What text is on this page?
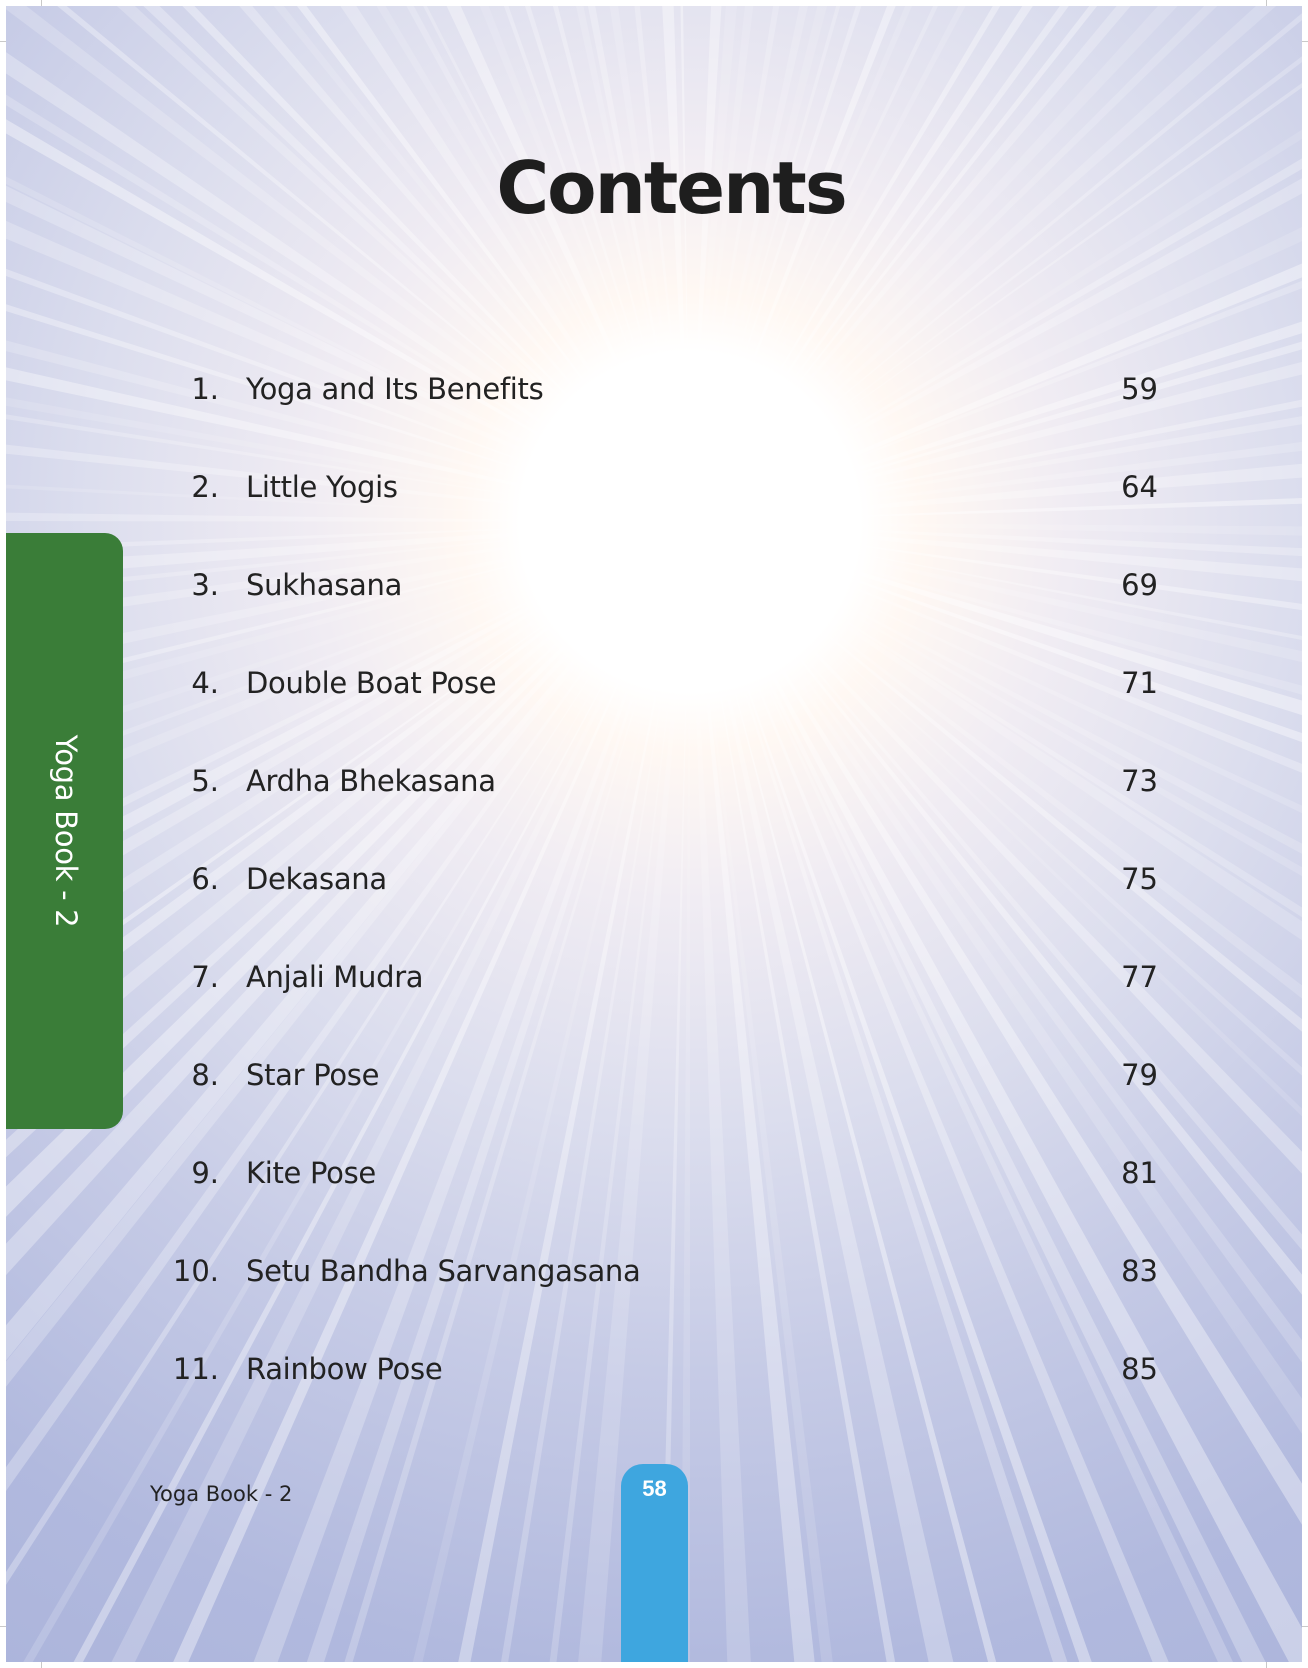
Contents
Yoga Book - 2
1. Yoga and Its Benefits	59
2. Little Yogis	64
3. Sukhasana	69
4. Double Boat Pose	71
5. Ardha Bhekasana	73
6. Dekasana	75
7. Anjali Mudra	77
8. Star Pose	79
9. Kite Pose	81
10. Setu Bandha Sarvangasana	83
11. Rainbow Pose	85
Yoga Book - 2	58
